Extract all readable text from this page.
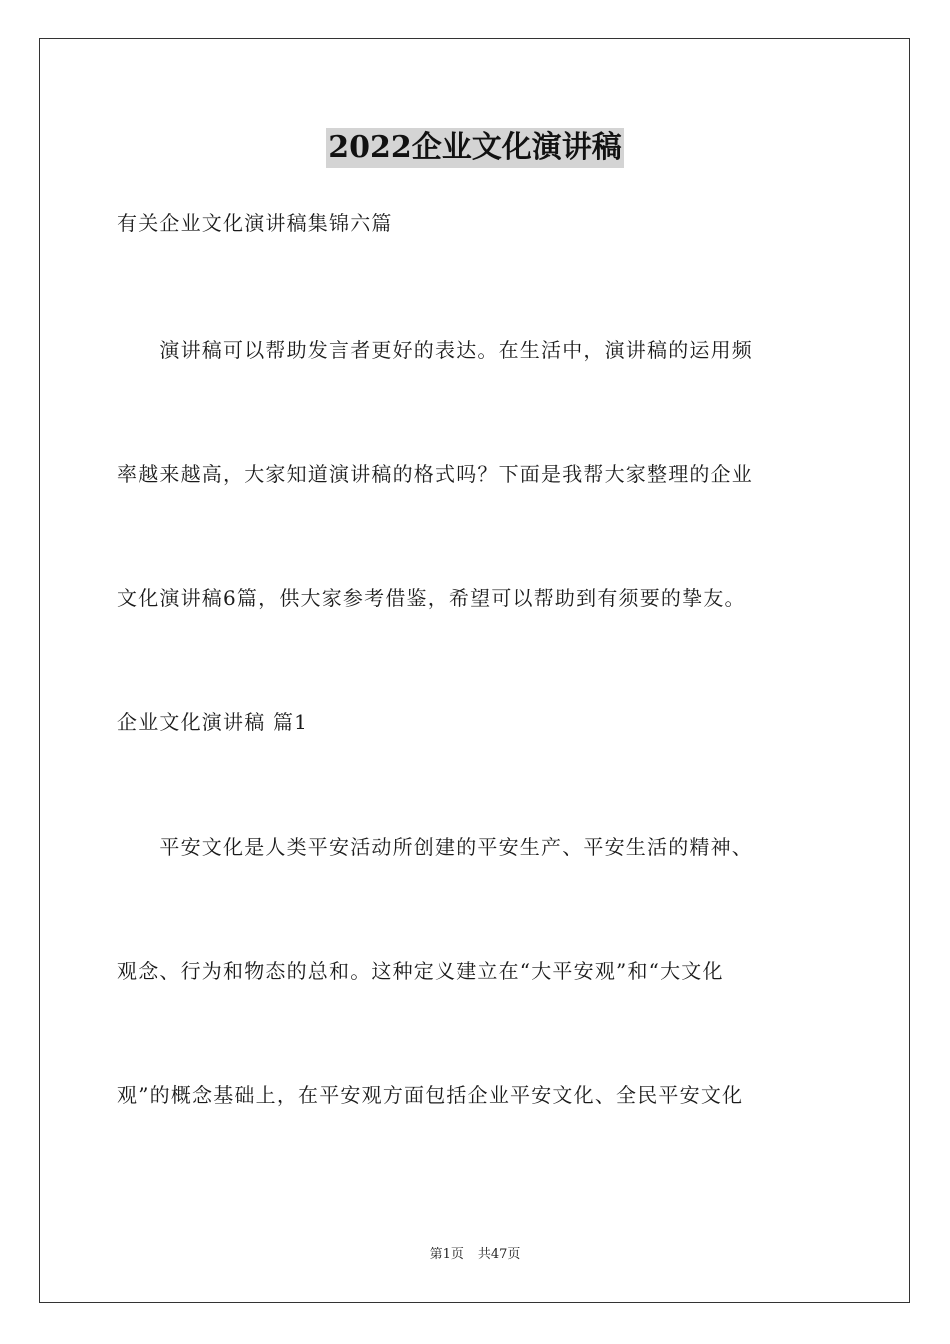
2022企业文化演讲稿
有关企业文化演讲稿集锦六篇
　　演讲稿可以帮助发言者更好的表达。在生活中，演讲稿的运用频
率越来越高，大家知道演讲稿的格式吗？下面是我帮大家整理的企业
文化演讲稿6篇，供大家参考借鉴，希望可以帮助到有须要的挚友。
企业文化演讲稿 篇1
　　平安文化是人类平安活动所创建的平安生产、平安生活的精神、
观念、行为和物态的总和。这种定义建立在“大平安观”和“大文化
观”的概念基础上，在平安观方面包括企业平安文化、全民平安文化
第1页 共47页
